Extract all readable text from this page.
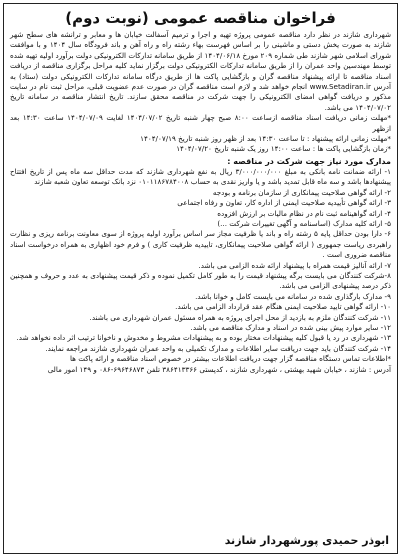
فراخوان مناقصه عمومی (نوبت دوم)

شهرداری شازند در نظر دارد مناقصه عمومی پروژه تهیه و اجرا و ترمیم آسفالت خیابان ها و معابر و ترانشه های سطح شهر شازند به صورت یخش دستی و ماشینی را بر اساس فهرست بهاء رشته راه و راه آهن و باند فرودگاه سال ۱۴۰۴ و با موافقت شورای اسلامی شهر شازند طی شماره ۲۰۹ مورخ ۱۴۰۴/۰۶/۱۸ از طریق سامانه تدارکات الکترونیکی دولت برآورد اولیه تهیه شده توسط مهندسین واحد عمران را از طریق سامانه تدارکات الکترونیکی دولت برگزار نماید کلیه مراحل برگزاری مناقصه از دریافت اسناد مناقصه تا ارائه پیشنهاد مناقصه گران و بازگشایی پاکت ها از طریق درگاه سامانه تدارکات الکترونیکی دولت (ستاد) به آدرس www.Setadiran.ir انجام خواهد شد و لازم است مناقصه گران در صورت عدم عضویت قبلی، مراحل ثبت نام در سایت مذکور و دریافت گواهی امضای الکترونیکی را جهت شرکت در مناقصه محقق سازند. تاریخ انتشار مناقصه در سامانه تاریخ ۱۴۰۴/۰۷/۰۲ می باشد.

*مهلت زمانی دریافت اسناد مناقصه ازساعت ۸:۰۰ صبح چهار شنبه تاریخ ۱۴۰۴/۰۷/۰۲ لغایت ۱۴۰۴/۰۷/۰۹ ساعت ۱۴:۳۰ بعد ازظهر

*مهلت زمانی ارائه پیشنهاد : تا ساعت ۱۴:۳۰ بعد از ظهر روز شنبه تاریخ ۱۴۰۴/۰۷/۱۹

*زمان بازگشایی پاکت ها : ساعت ۱۴:۰۰ روز یک شنبه تاریخ ۱۴۰۴/۰۷/۲۰

مدارک مورد نیاز جهت شرکت در مناقصه :

۱- ارائه ضمانت نامه بانکی به مبلغ ۳/۰۰۰/۰۰۰/۰۰۰ ریال به نفع شهرداری شازند که مدت حداقل سه ماه پس از تاریخ افتتاح پیشنهادها باشد و سه ماه قابل تمدید باشد و یا واریز نقدی به حساب ۰۱۰۱۱۸۶۷۸۴۰۰۸ نزد بانک توسعه تعاون شعبه شازند

۲- ارائه گواهی صلاحیت پیمانکاری از سازمان برنامه و بودجه

۳- ارائه گواهی تأییدیه صلاحیت ایمنی از اداره کار، تعاون و رفاه اجتماعی

۴- ارائه گواهینامه ثبت نام در نظام مالیات بر ارزش افزوده

۵- ارائه کلیه مدارک (اساسنامه و آگهی تغییرات شرکت ...)

۶- دارا بودن حداقل پایه ۵ رشته راه و باند یا ظرفیت مجاز سر اساس برآورد اولیه پروژه از سوی معاونت برنامه ریزی و نظارت راهبردی ریاست جمهوری ( ارائه گواهی صلاحیت پیمانکاری، تاییدیه ظرفیت کاری ) و فرم خود اظهاری به همراه درخواست اسناد مناقصه ضروری است .

۷- ارائه آنالیز قیمت همراه با پیشنهاد ارائه شده الزامی می باشد.

۸-شرکت کنندگان می بایست برگه پیشنهاد قیمت را به طور کامل تکمیل نموده و ذکر قیمت پیشنهادی به عدد و حروف و همچنین ذکر درصد پیشنهادی الزامی می باشد.

۹- مدارک بارگذاری شده در سامانه می بایست کامل و خوانا باشد.

۱۰- ارائه گواهی تایید صلاحیت ایمنی هنگام عقد قرارداد الزامی می باشد.

۱۱- شرکت کنندگان ملزم به بازدید از محل اجرای پروژه به همراه مسئول عمران شهرداری می باشند.

۱۲- سایر موارد پیش بینی شده در اسناد و مدارک مناقصه می باشد.

۱۳- شهرداری در رد یا قبول کلیه پیشنهادات مختار بوده و به پیشنهادات مشروط و مخدوش و ناخوانا ترتیب اثر داده نخواهد شد.

۱۴- شرکت کنندگان باید جهت دریافت سایر اطلاعات و مدارک تکمیلی به واحد عمران شهرداری شازند مراجعه نمایند.

*اطلاعات تماس دستگاه مناقصه گزار جهت دریافت اطلاعات بیشتر در خصوص اسناد مناقصه و ارائه پاکت ها

آدرس : شازند ، خیابان شهید بهشتی ، شهرداری شازند ، کدپستی ۳۸۶۴۱۳۳۶۶ تلفن ۶۹۶۴۶۸۷۳-۰۸۶ و ۱۴۹ امور مالی

ابوذر حمیدی پورشهردار شازند
